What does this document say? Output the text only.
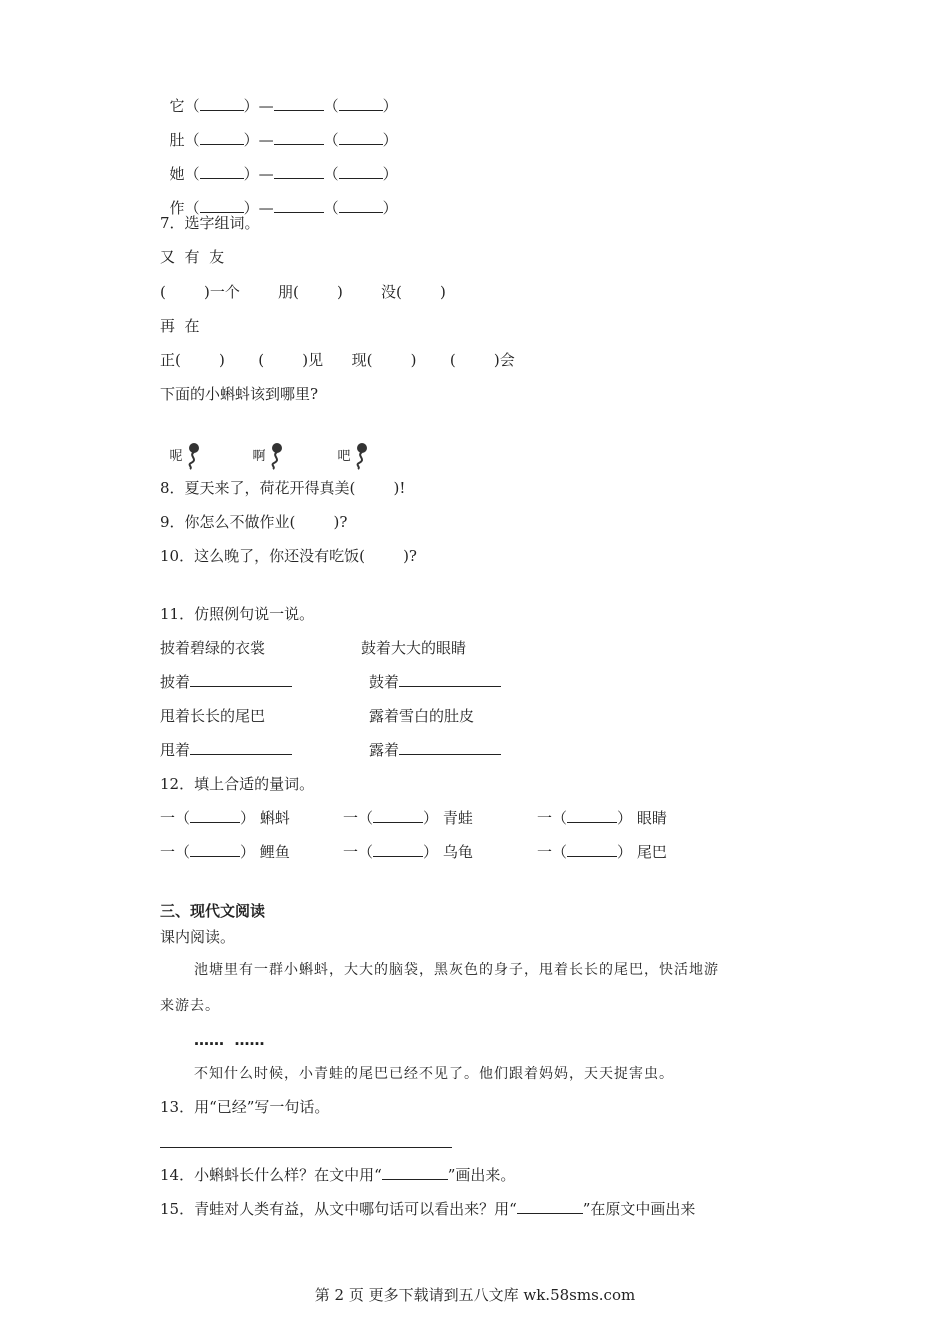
它（	）—	（	）

肚（	）—	（	）

她（	）—	（	）

作（	）—	（	）

7．选字组词。
又  有  友
(        )一个        朋(        )        没(        )
再  在
正(        )       (        )见      现(        )       (        )会
下面的小蝌蚪该到哪里?

呢	啊	吧

8．夏天来了，荷花开得真美(        )!
9．你怎么不做作业(        )?
10．这么晚了，你还没有吃饭(        )?
11．仿照例句说一说。
披着碧绿的衣裳	鼓着大大的眼睛
披着	鼓着
甩着长长的尾巴	露着雪白的肚皮
甩着	露着
12．填上合适的量词。
一（	） 蝌蚪	一（	） 青蛙	一（	） 眼睛
一（	） 鲤鱼	一（	） 乌龟	一（	） 尾巴
三、现代文阅读
课内阅读。
池塘里有一群小蝌蚪，大大的脑袋，黑灰色的身子，甩着长长的尾巴，快活地游
来游去。
……  ……
不知什么时候，小青蛙的尾巴已经不见了。他们跟着妈妈，天天捉害虫。
13．用“已经”写一句话。
14．小蝌蚪长什么样？在文中用“	”画出来。
15．青蛙对人类有益，从文中哪句话可以看出来？用“	”在原文中画出来
第 2 页 更多下载请到五八文库 wk.58sms.com
